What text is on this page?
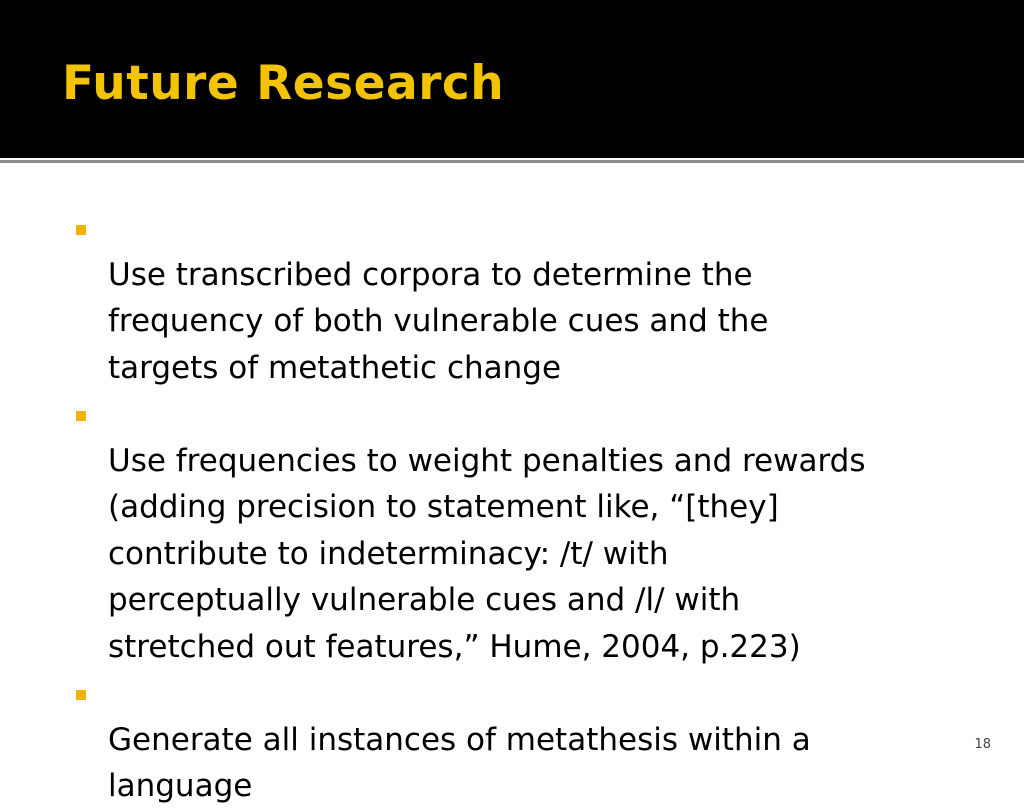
Future Research

Use transcribed corpora to determine the
frequency of both vulnerable cues and the
targets of metathetic change

Use frequencies to weight penalties and rewards
(adding precision to statement like, “[they]
contribute to indeterminacy: /t/ with
perceptually vulnerable cues and /l/ with
stretched out features,” Hume, 2004, p.223)

Generate all instances of metathesis within a
language

18
